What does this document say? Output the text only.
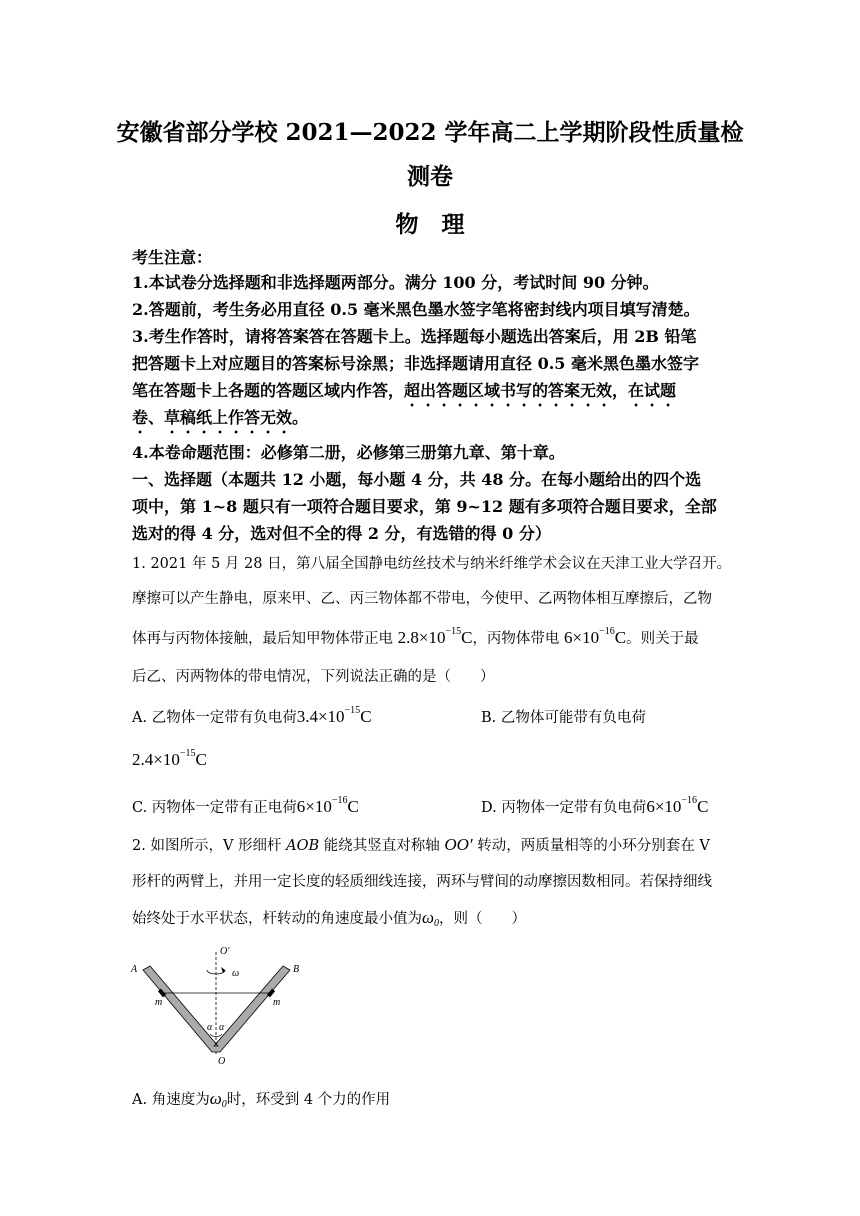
安徽省部分学校 2021—2022 学年高二上学期阶段性质量检
测卷
物　理
考生注意：
1.本试卷分选择题和非选择题两部分。满分 100 分，考试时间 90 分钟。
2.答题前，考生务必用直径 0.5 毫米黑色墨水签字笔将密封线内项目填写清楚。
3.考生作答时，请将答案答在答题卡上。选择题每小题选出答案后，用 2B 铅笔
把答题卡上对应题目的答案标号涂黑；非选择题请用直径 0.5 毫米黑色墨水签字
笔在答题卡上各题的答题区域内作答，超出答题区域书写的答案无效，在试题
卷、草稿纸上作答无效。
4.本卷命题范围：必修第二册，必修第三册第九章、第十章。
一、选择题（本题共 12 小题，每小题 4 分，共 48 分。在每小题给出的四个选
项中，第 1~8 题只有一项符合题目要求，第 9~12 题有多项符合题目要求，全部
选对的得 4 分，选对但不全的得 2 分，有选错的得 0 分）
1. 2021 年 5 月 28 日，第八届全国静电纺丝技术与纳米纤维学术会议在天津工业大学召开。
摩擦可以产生静电，原来甲、乙、丙三物体都不带电，今使甲、乙两物体相互摩擦后，乙物
体再与丙物体接触，最后知甲物体带正电 $2.8\times 10^{-15}C$，丙物体带电 $6\times 10^{-16}C$。则关于最
后乙、丙两物体的带电情况，下列说法正确的是（　　）
A. 乙物体一定带有负电荷$3.4\times 10^{-15}C$	B. 乙物体可能带有负电荷
$2.4\times 10^{-15}C$
C. 丙物体一定带有正电荷$6\times 10^{-16}C$	D. 丙物体一定带有负电荷$6\times 10^{-16}C$
2. 如图所示，V 形细杆 AOB 能绕其竖直对称轴 OO′ 转动，两质量相等的小环分别套在 V
形杆的两臂上，并用一定长度的轻质细线连接，两环与臂间的动摩擦因数相同。若保持细线
始终处于水平状态，杆转动的角速度最小值为$\omega_0$，则（　　）
A	B
O
O′
ω
m	m
α α
A. 角速度为$\omega_0$时，环受到 4 个力的作用
